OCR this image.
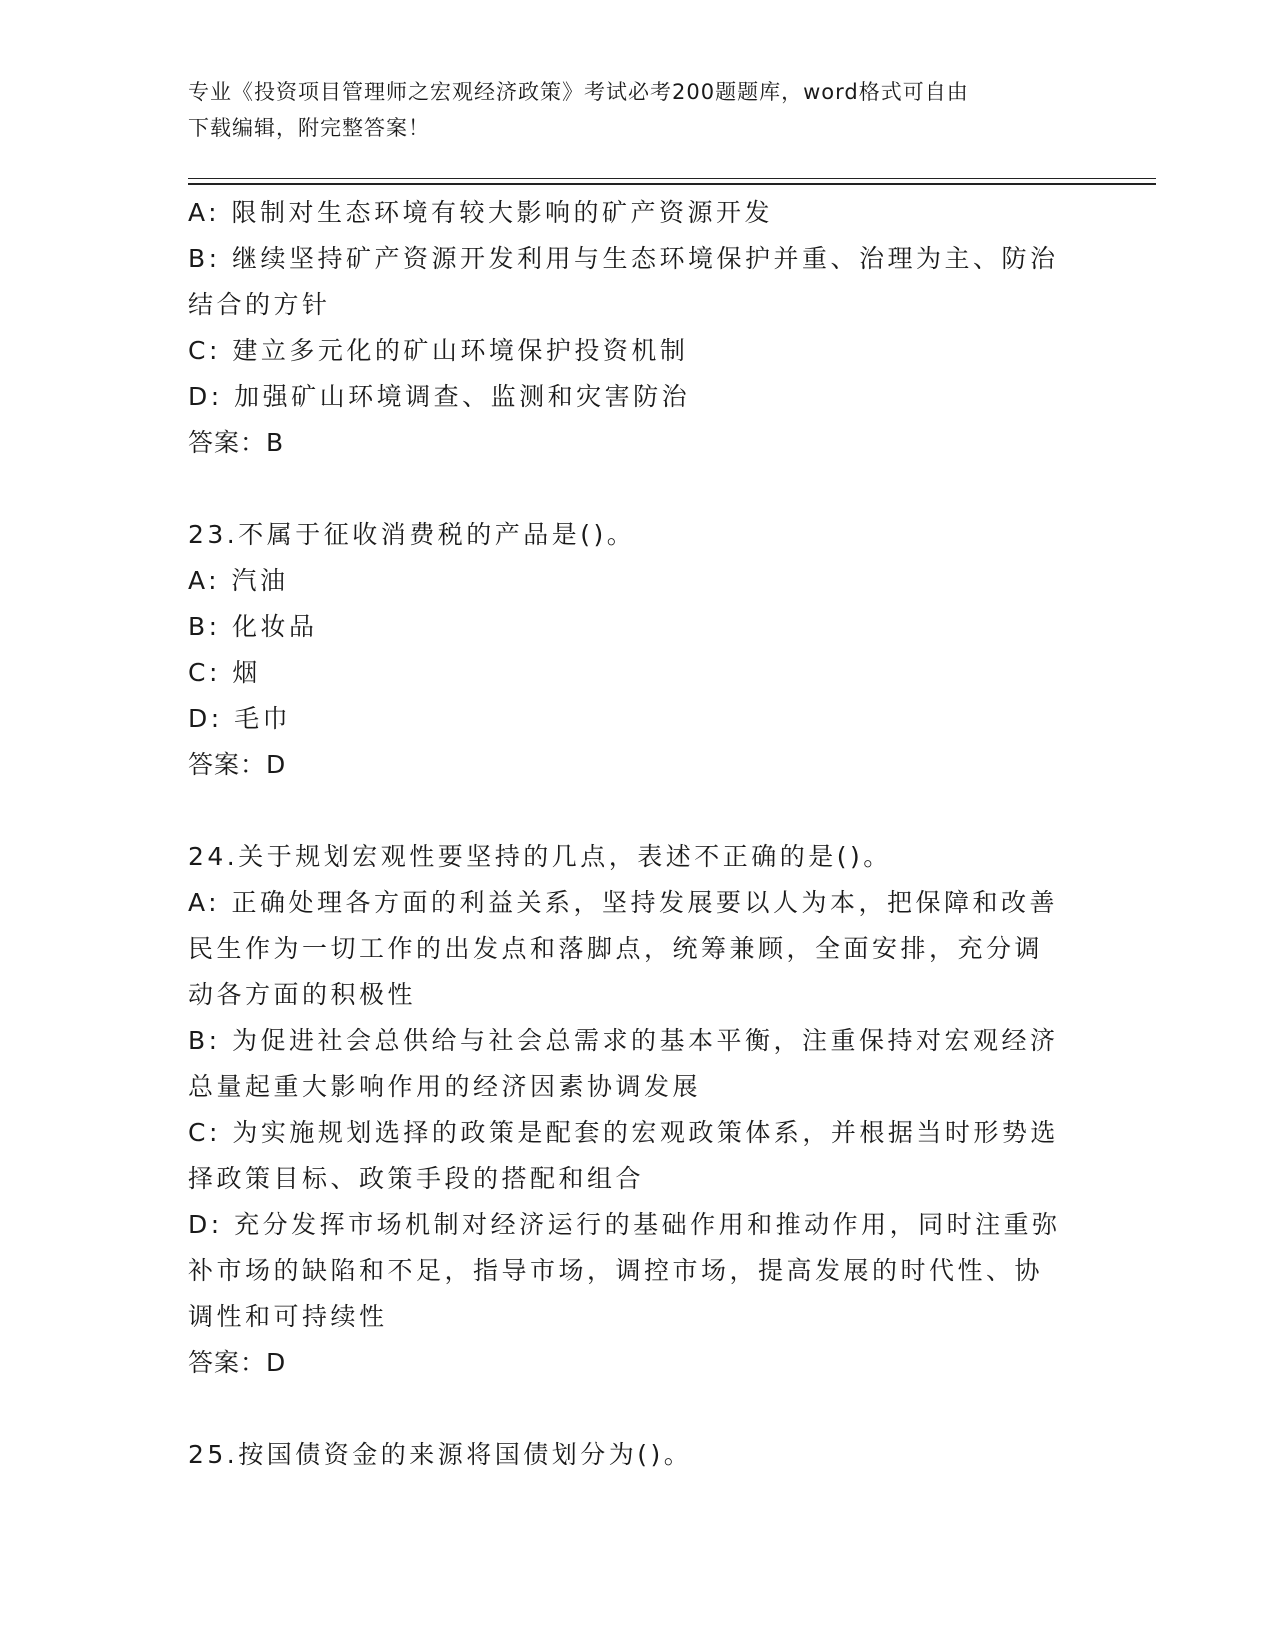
专业《投资项目管理师之宏观经济政策》考试必考200题题库，word格式可自由
下载编辑，附完整答案！
A: 限制对生态环境有较大影响的矿产资源开发
B: 继续坚持矿产资源开发利用与生态环境保护并重、治理为主、防治
结合的方针
C: 建立多元化的矿山环境保护投资机制
D: 加强矿山环境调查、监测和灾害防治
答案：B
23.不属于征收消费税的产品是()。
A: 汽油
B: 化妆品
C: 烟
D: 毛巾
答案：D
24.关于规划宏观性要坚持的几点，表述不正确的是()。
A: 正确处理各方面的利益关系，坚持发展要以人为本，把保障和改善
民生作为一切工作的出发点和落脚点，统筹兼顾，全面安排，充分调
动各方面的积极性
B: 为促进社会总供给与社会总需求的基本平衡，注重保持对宏观经济
总量起重大影响作用的经济因素协调发展
C: 为实施规划选择的政策是配套的宏观政策体系，并根据当时形势选
择政策目标、政策手段的搭配和组合
D: 充分发挥市场机制对经济运行的基础作用和推动作用，同时注重弥
补市场的缺陷和不足，指导市场，调控市场，提高发展的时代性、协
调性和可持续性
答案：D
25.按国债资金的来源将国债划分为()。
